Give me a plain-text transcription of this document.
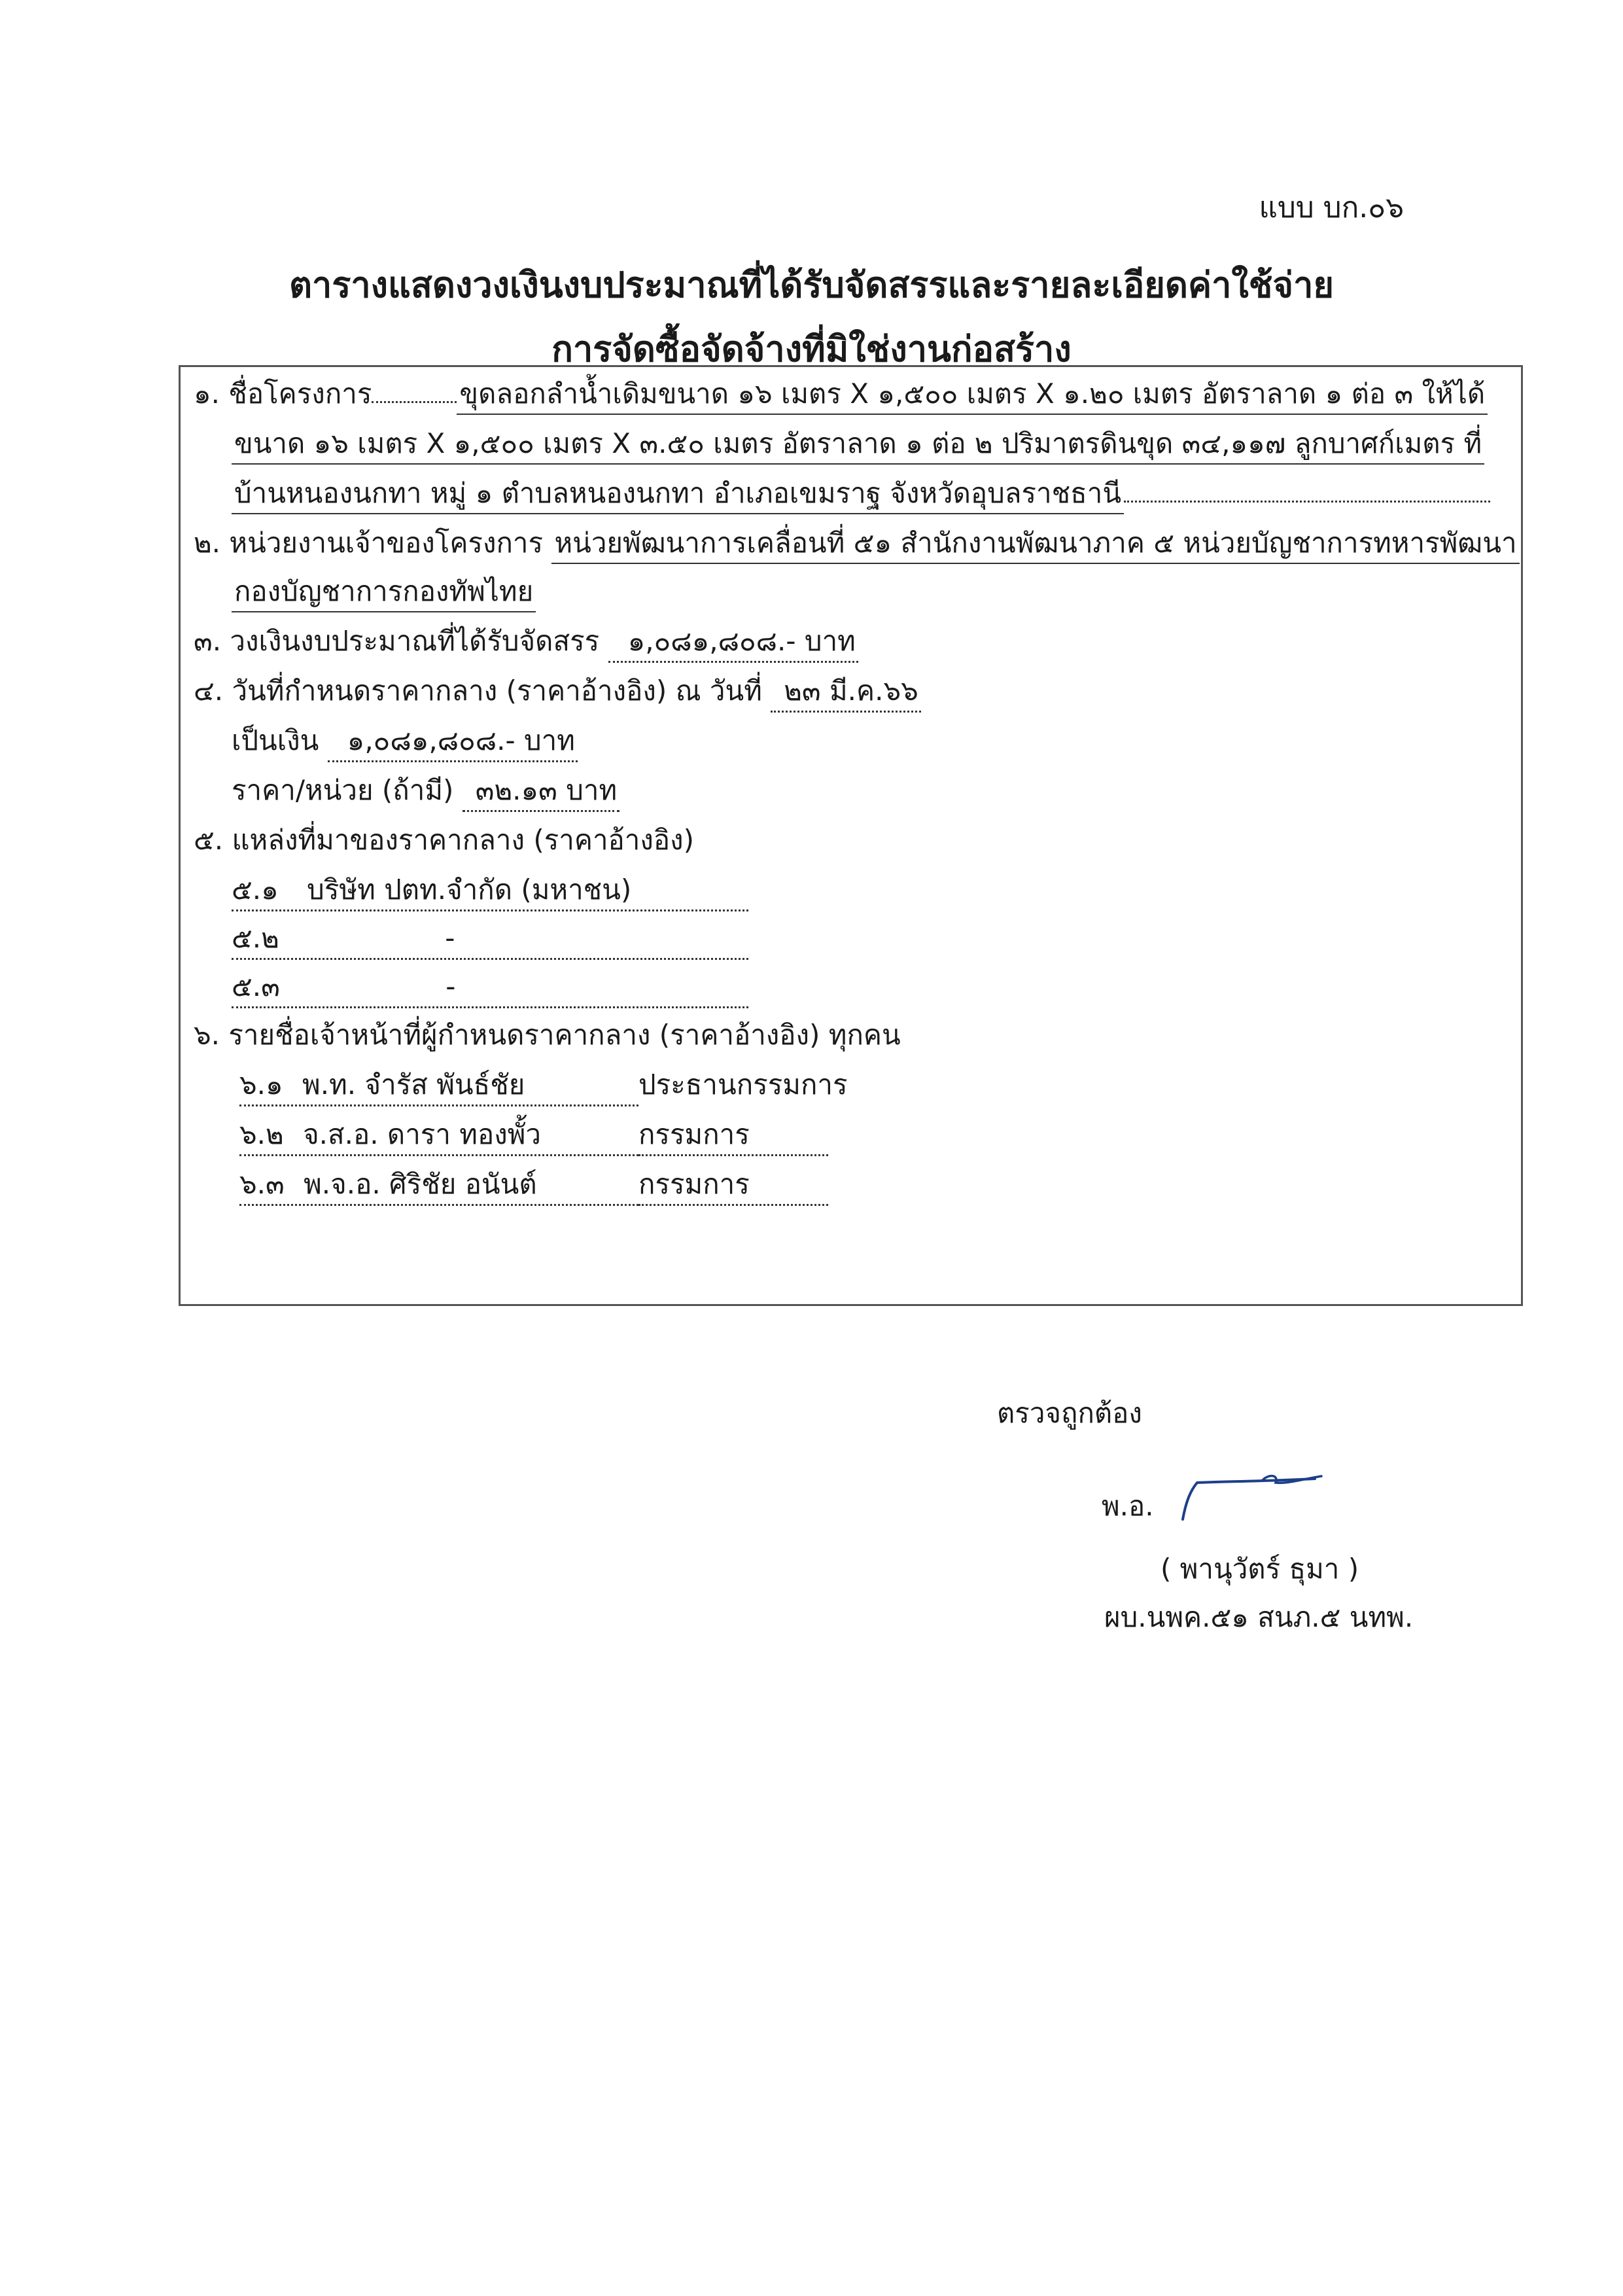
แบบ บก.๐๖
ตารางแสดงวงเงินงบประมาณที่ได้รับจัดสรรและรายละเอียดค่าใช้จ่าย
การจัดซื้อจัดจ้างที่มิใช่งานก่อสร้าง
๑. ชื่อโครงการ	ขุดลอกลำน้ำเดิมขนาด ๑๖ เมตร X ๑,๕๐๐ เมตร X ๑.๒๐ เมตร อัตราลาด ๑ ต่อ ๓ ให้ได้
ขนาด ๑๖ เมตร X ๑,๕๐๐ เมตร X ๓.๕๐ เมตร อัตราลาด ๑ ต่อ ๒ ปริมาตรดินขุด ๓๔,๑๑๗ ลูกบาศก์เมตร ที่
บ้านหนองนกทา หมู่ ๑ ตำบลหนองนกทา อำเภอเขมราฐ จังหวัดอุบลราชธานี
๒. หน่วยงานเจ้าของโครงการ หน่วยพัฒนาการเคลื่อนที่ ๕๑ สำนักงานพัฒนาภาค ๕ หน่วยบัญชาการทหารพัฒนา
กองบัญชาการกองทัพไทย
๓. วงเงินงบประมาณที่ได้รับจัดสรร ๑,๐๘๑,๘๐๘.- บาท
๔. วันที่กำหนดราคากลาง (ราคาอ้างอิง) ณ วันที่ ๒๓ มี.ค.๖๖
เป็นเงิน ๑,๐๘๑,๘๐๘.- บาท
ราคา/หน่วย (ถ้ามี) ๓๒.๑๓ บาท
๕. แหล่งที่มาของราคากลาง (ราคาอ้างอิง)
๕.๑ บริษัท ปตท.จำกัด (มหาชน)
๕.๒	-
๕.๓	-
๖. รายชื่อเจ้าหน้าที่ผู้กำหนดราคากลาง (ราคาอ้างอิง) ทุกคน
๖.๑ พ.ท. จำรัส พันธ์ชัย	ประธานกรรมการ
๖.๒ จ.ส.อ. ดารา ทองพั้ว	กรรมการ
๖.๓ พ.จ.อ. ศิริชัย อนันต์	กรรมการ
ตรวจถูกต้อง
พ.อ.
( พานุวัตร์ ธุมา )
ผบ.นพค.๕๑ สนภ.๕ นทพ.
